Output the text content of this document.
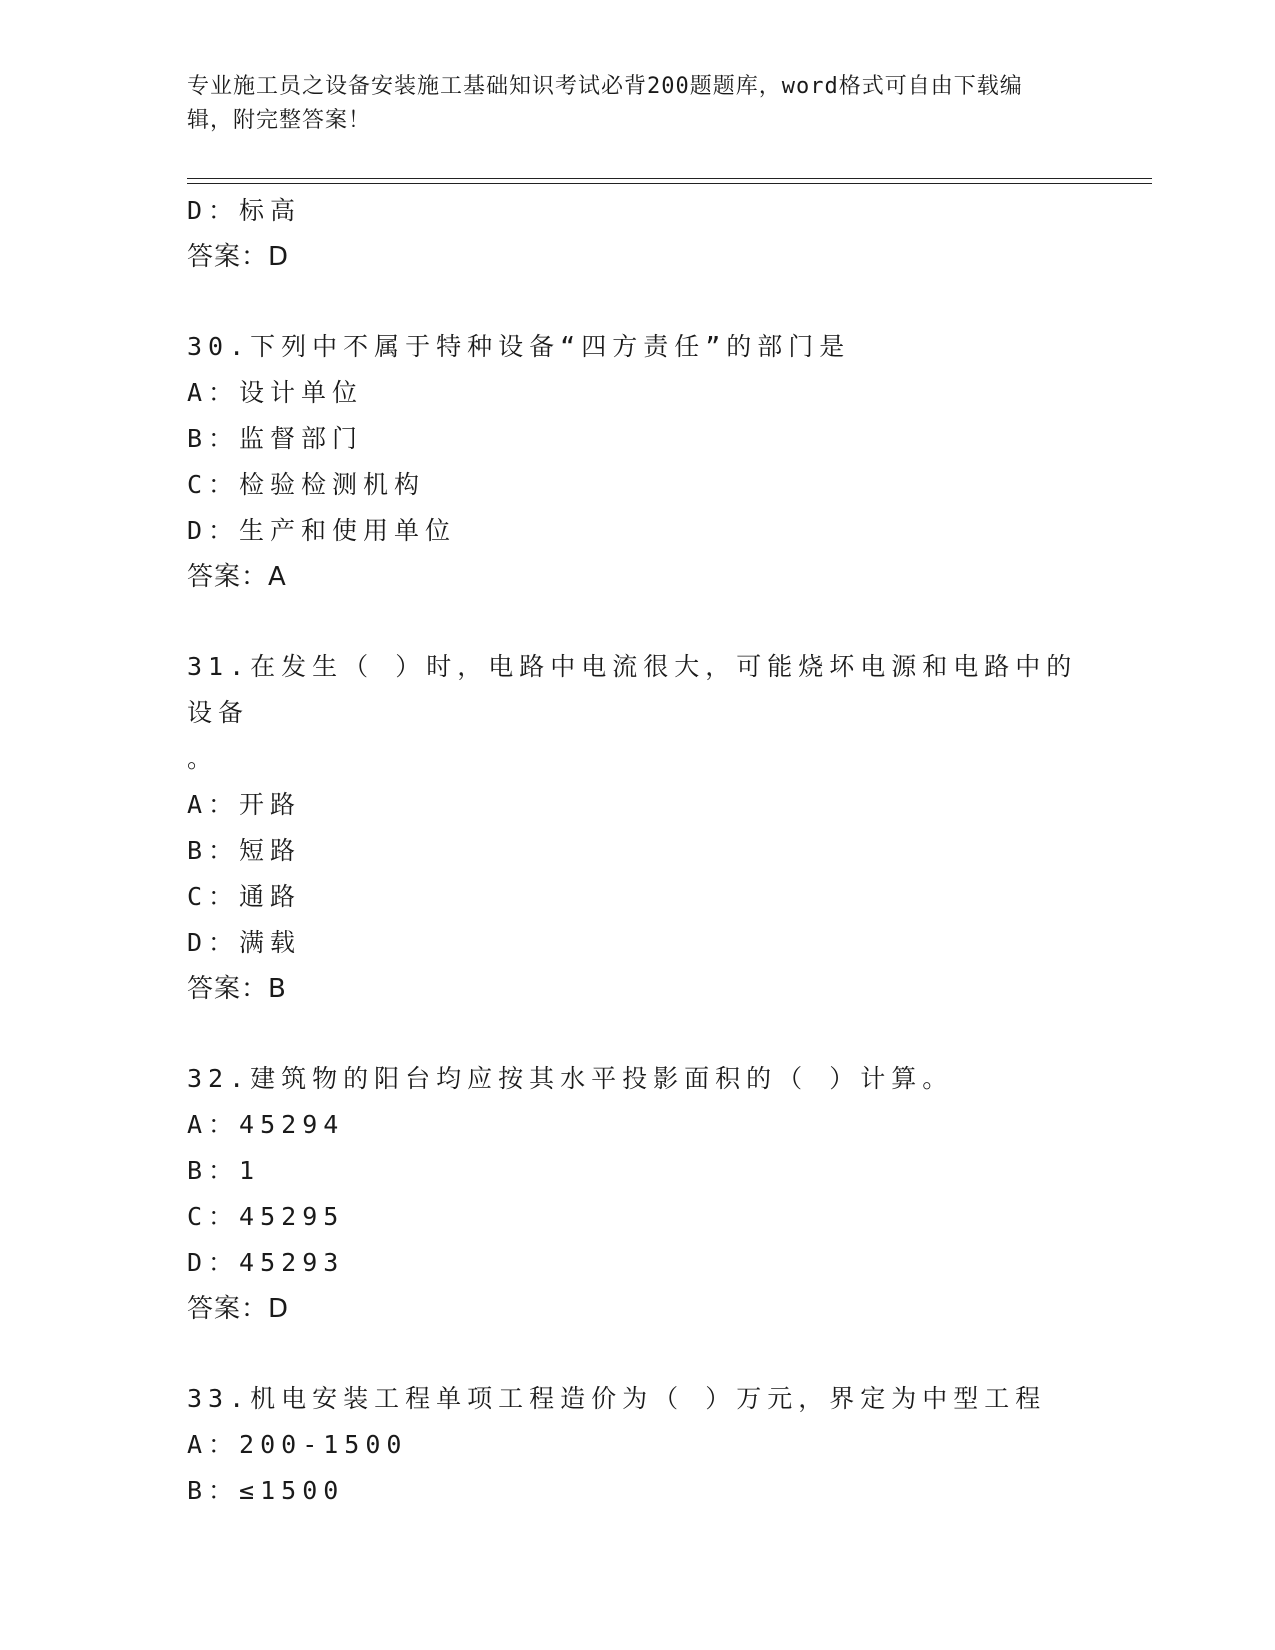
专业施工员之设备安装施工基础知识考试必背200题题库，word格式可自由下载编辑，附完整答案！
D：标高
答案：D
30.下列中不属于特种设备“四方责任”的部门是
A：设计单位
B：监督部门
C：检验检测机构
D：生产和使用单位
答案：A
31.在发生（ ）时，电路中电流很大，可能烧坏电源和电路中的设备
。
A：开路
B：短路
C：通路
D：满载
答案：B
32.建筑物的阳台均应按其水平投影面积的（ ）计算。
A：45294
B：1
C：45295
D：45293
答案：D
33.机电安装工程单项工程造价为（ ）万元，界定为中型工程
A：200-1500
B：≤1500
